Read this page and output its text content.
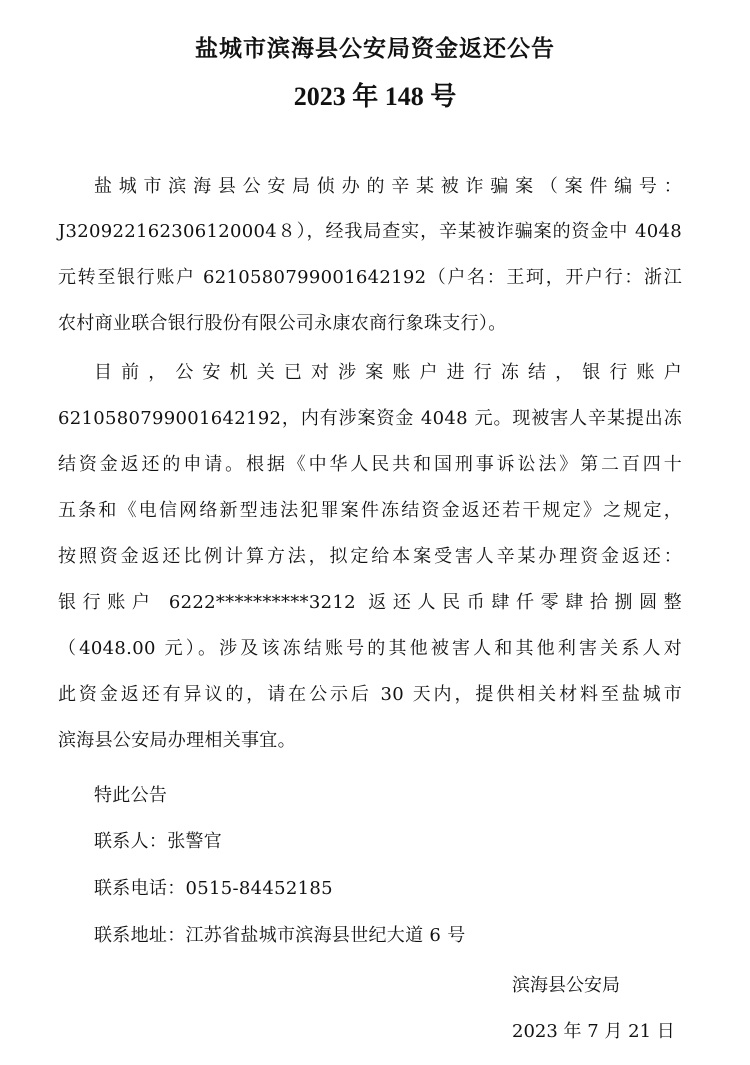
盐城市滨海县公安局资金返还公告
2023 年 148 号
盐城市滨海县公安局侦办的辛某被诈骗案（案件编号：
J320922162306120004８），经我局查实，辛某被诈骗案的资金中 4048
元转至银行账户 6210580799001642192（户名：王珂，开户行：浙江
农村商业联合银行股份有限公司永康农商行象珠支行）。
目前，公安机关已对涉案账户进行冻结，银行账户
6210580799001642192，内有涉案资金 4048 元。现被害人辛某提出冻
结资金返还的申请。根据《中华人民共和国刑事诉讼法》第二百四十
五条和《电信网络新型违法犯罪案件冻结资金返还若干规定》之规定，
按照资金返还比例计算方法，拟定给本案受害人辛某办理资金返还：
银行账户 6222**********3212 返还人民币肆仟零肆拾捌圆整
（4048.00 元）。涉及该冻结账号的其他被害人和其他利害关系人对
此资金返还有异议的，请在公示后 30 天内，提供相关材料至盐城市
滨海县公安局办理相关事宜。
特此公告
联系人：张警官
联系电话：0515-84452185
联系地址：江苏省盐城市滨海县世纪大道 6 号
滨海县公安局
2023 年 7 月 21 日
